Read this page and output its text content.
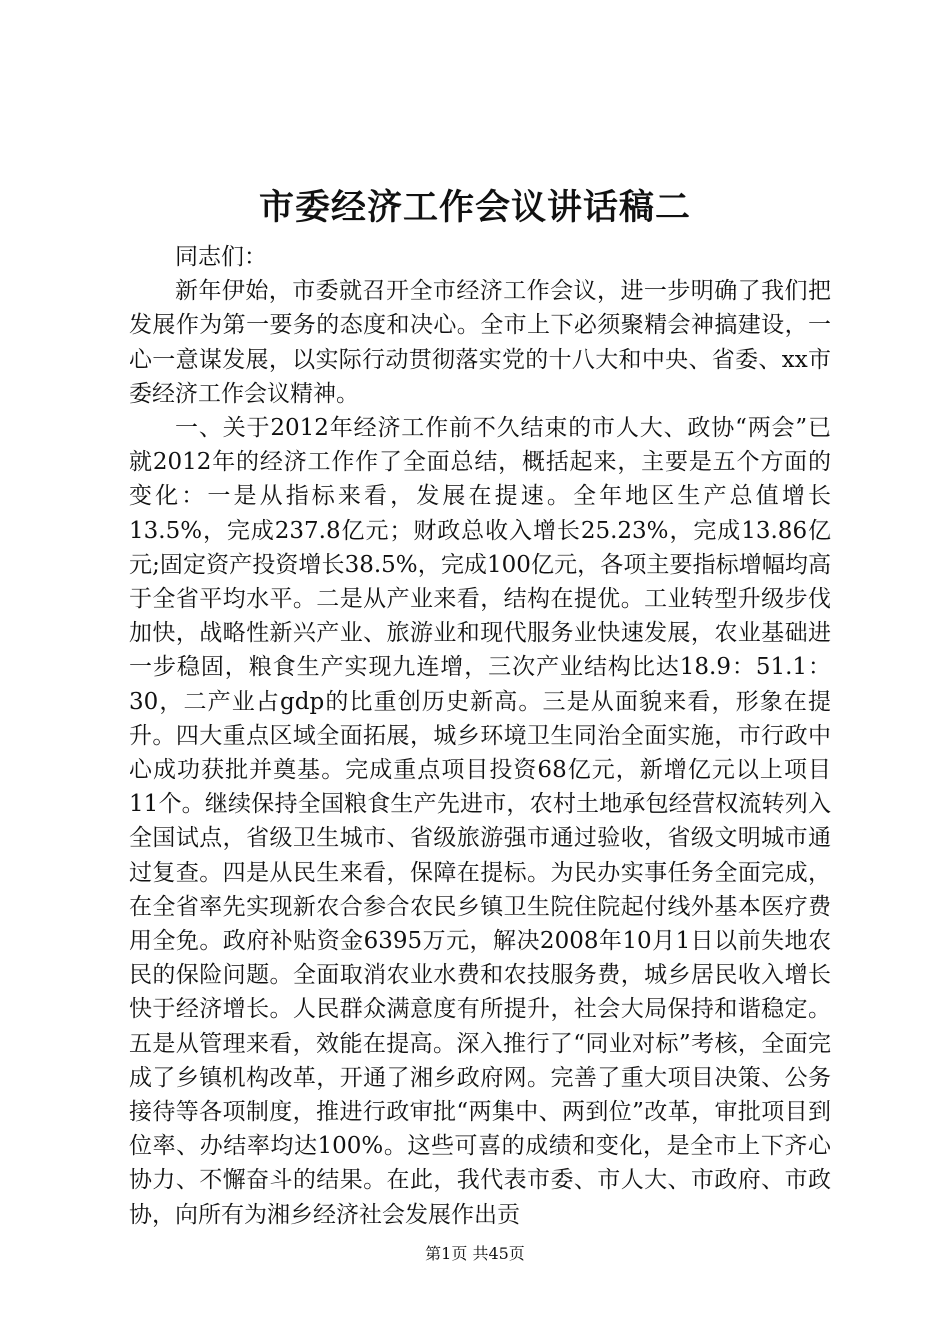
市委经济工作会议讲话稿二

同志们：

新年伊始，市委就召开全市经济工作会议，进一步明确了我们把发展作为第一要务的态度和决心。全市上下必须聚精会神搞建设，一心一意谋发展，以实际行动贯彻落实党的十八大和中央、省委、xx市委经济工作会议精神。

一、关于2012年经济工作前不久结束的市人大、政协“两会”已就2012年的经济工作作了全面总结，概括起来，主要是五个方面的变化：一是从指标来看，发展在提速。全年地区生产总值增长13.5%，完成237.8亿元；财政总收入增长25.23%，完成13.86亿元;固定资产投资增长38.5%，完成100亿元，各项主要指标增幅均高于全省平均水平。二是从产业来看，结构在提优。工业转型升级步伐加快，战略性新兴产业、旅游业和现代服务业快速发展，农业基础进一步稳固，粮食生产实现九连增，三次产业结构比达18.9：51.1：30，二产业占gdp的比重创历史新高。三是从面貌来看，形象在提升。四大重点区域全面拓展，城乡环境卫生同治全面实施，市行政中心成功获批并奠基。完成重点项目投资68亿元，新增亿元以上项目11个。继续保持全国粮食生产先进市，农村土地承包经营权流转列入全国试点，省级卫生城市、省级旅游强市通过验收，省级文明城市通过复查。四是从民生来看，保障在提标。为民办实事任务全面完成，在全省率先实现新农合参合农民乡镇卫生院住院起付线外基本医疗费用全免。政府补贴资金6395万元，解决2008年10月1日以前失地农民的保险问题。全面取消农业水费和农技服务费，城乡居民收入增长快于经济增长。人民群众满意度有所提升，社会大局保持和谐稳定。五是从管理来看，效能在提高。深入推行了“同业对标”考核，全面完成了乡镇机构改革，开通了湘乡政府网。完善了重大项目决策、公务接待等各项制度，推进行政审批“两集中、两到位”改革，审批项目到位率、办结率均达100%。这些可喜的成绩和变化，是全市上下齐心协力、不懈奋斗的结果。在此，我代表市委、市人大、市政府、市政协，向所有为湘乡经济社会发展作出贡

第1页 共45页
